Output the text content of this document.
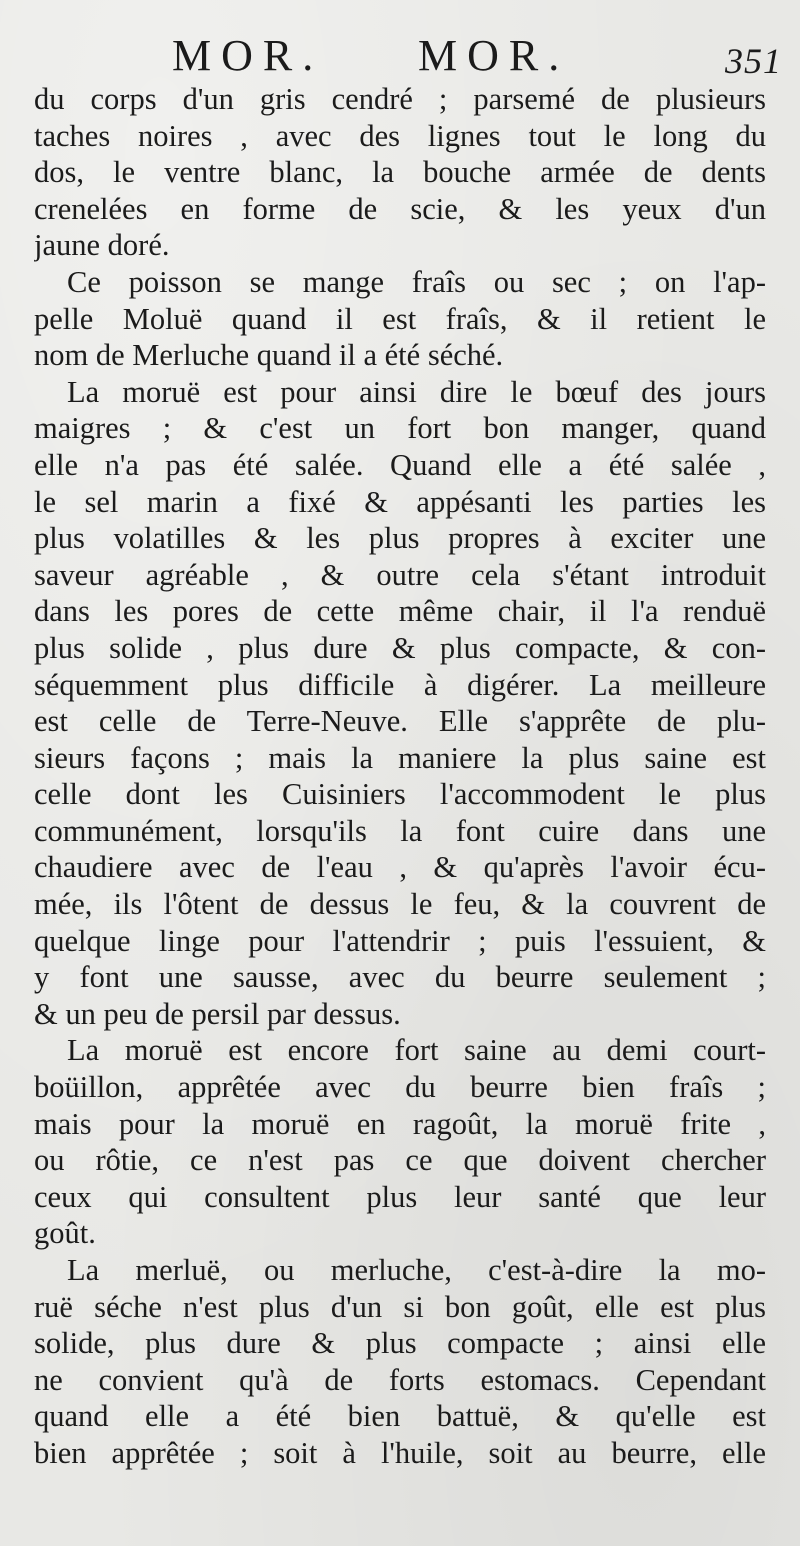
MOR. MOR.	351
du corps d'un gris cendré ; parsemé de plusieurs
taches noires , avec des lignes tout le long du
dos, le ventre blanc, la bouche armée de dents
crenelées en forme de scie, & les yeux d'un
jaune doré.
Ce poisson se mange fraîs ou sec ; on l'ap-
pelle Moluë quand il est fraîs, & il retient le
nom de Merluche quand il a été séché.
La moruë est pour ainsi dire le bœuf des jours
maigres ; & c'est un fort bon manger, quand
elle n'a pas été salée. Quand elle a été salée ,
le sel marin a fixé & appésanti les parties les
plus volatilles & les plus propres à exciter une
saveur agréable , & outre cela s'étant introduit
dans les pores de cette même chair, il l'a renduë
plus solide , plus dure & plus compacte, & con-
séquemment plus difficile à digérer. La meilleure
est celle de Terre-Neuve. Elle s'apprête de plu-
sieurs façons ; mais la maniere la plus saine est
celle dont les Cuisiniers l'accommodent le plus
communément, lorsqu'ils la font cuire dans une
chaudiere avec de l'eau , & qu'après l'avoir écu-
mée, ils l'ôtent de dessus le feu, & la couvrent de
quelque linge pour l'attendrir ; puis l'essuient, &
y font une sausse, avec du beurre seulement ;
& un peu de persil par dessus.
La moruë est encore fort saine au demi court-
boüillon, apprêtée avec du beurre bien fraîs ;
mais pour la moruë en ragoût, la moruë frite ,
ou rôtie, ce n'est pas ce que doivent chercher
ceux qui consultent plus leur santé que leur
goût.
La merluë, ou merluche, c'est-à-dire la mo-
ruë séche n'est plus d'un si bon goût, elle est plus
solide, plus dure & plus compacte ; ainsi elle
ne convient qu'à de forts estomacs. Cependant
quand elle a été bien battuë, & qu'elle est
bien apprêtée ; soit à l'huile, soit au beurre, elle
